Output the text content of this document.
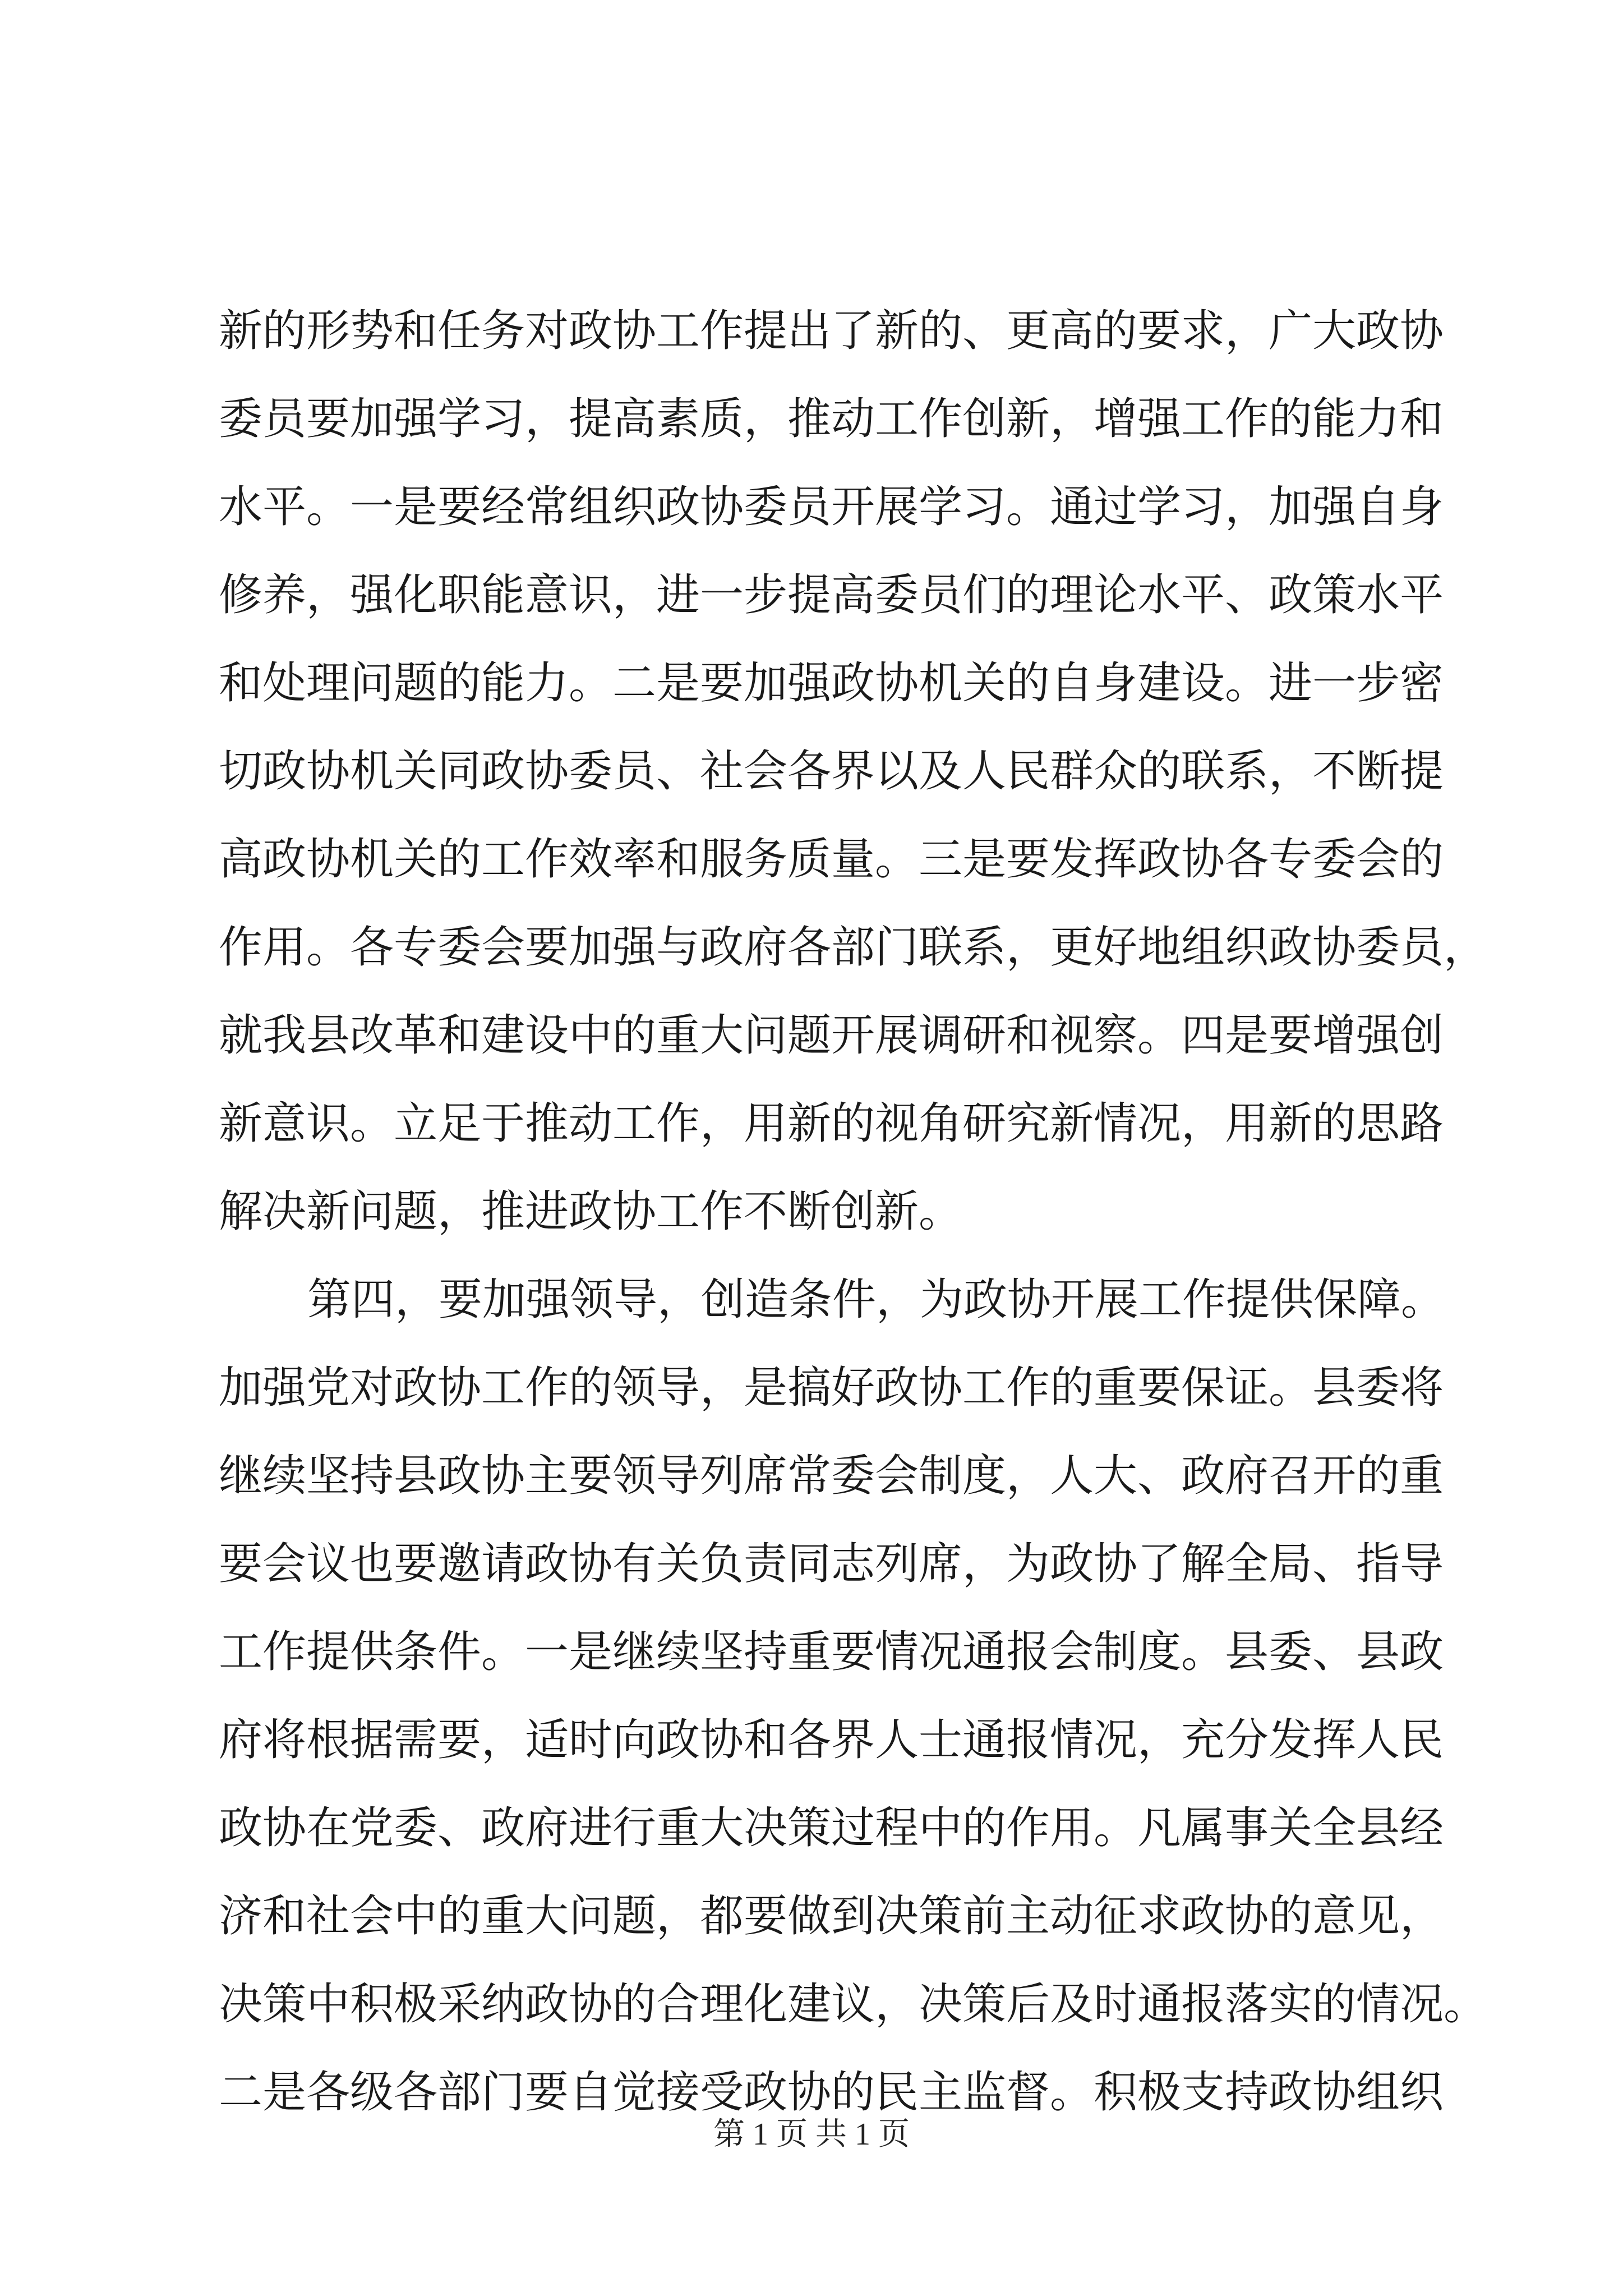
新的形势和任务对政协工作提出了新的、更高的要求，广大政协
委员要加强学习，提高素质，推动工作创新，增强工作的能力和
水平。一是要经常组织政协委员开展学习。通过学习，加强自身
修养，强化职能意识，进一步提高委员们的理论水平、政策水平
和处理问题的能力。二是要加强政协机关的自身建设。进一步密
切政协机关同政协委员、社会各界以及人民群众的联系，不断提
高政协机关的工作效率和服务质量。三是要发挥政协各专委会的
作用。各专委会要加强与政府各部门联系，更好地组织政协委员，
就我县改革和建设中的重大问题开展调研和视察。四是要增强创
新意识。立足于推动工作，用新的视角研究新情况，用新的思路
解决新问题，推进政协工作不断创新。
第四，要加强领导，创造条件，为政协开展工作提供保障。
加强党对政协工作的领导，是搞好政协工作的重要保证。县委将
继续坚持县政协主要领导列席常委会制度，人大、政府召开的重
要会议也要邀请政协有关负责同志列席，为政协了解全局、指导
工作提供条件。一是继续坚持重要情况通报会制度。县委、县政
府将根据需要，适时向政协和各界人士通报情况，充分发挥人民
政协在党委、政府进行重大决策过程中的作用。凡属事关全县经
济和社会中的重大问题，都要做到决策前主动征求政协的意见，
决策中积极采纳政协的合理化建议，决策后及时通报落实的情况。
二是各级各部门要自觉接受政协的民主监督。积极支持政协组织
第 1 页 共 1 页
